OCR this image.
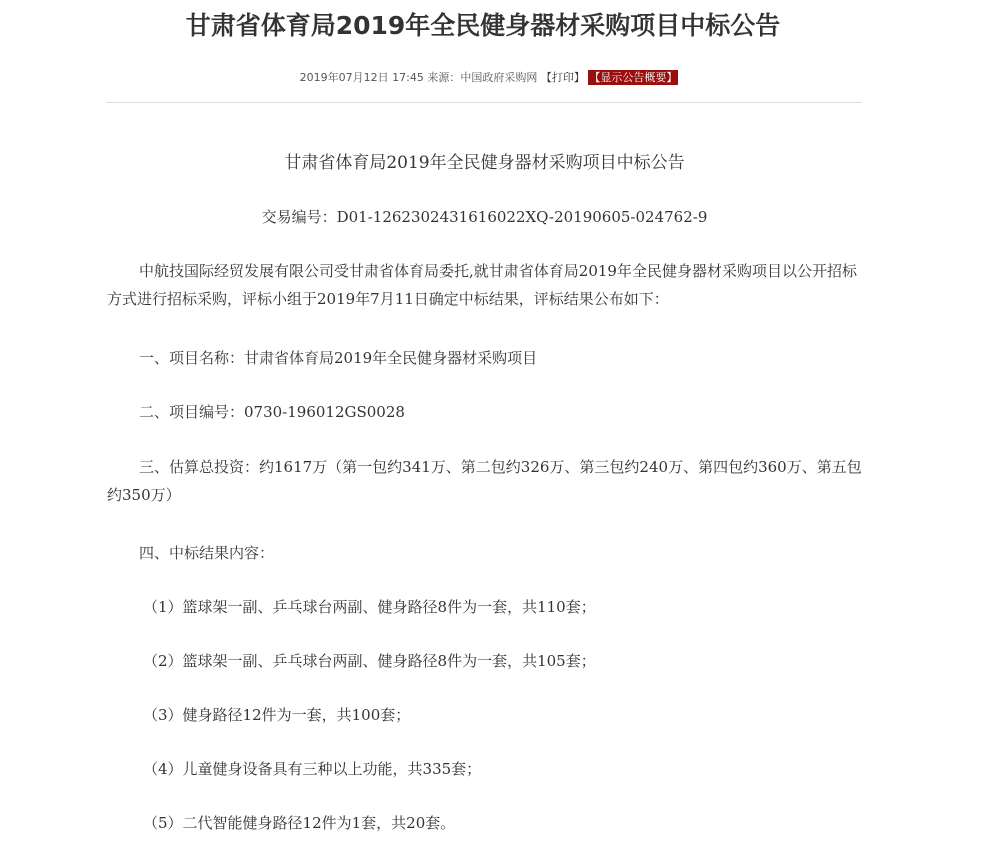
甘肃省体育局2019年全民健身器材采购项目中标公告
2019年07月12日 17:45 来源：中国政府采购网 【打印】 【显示公告概要】

甘肃省体育局2019年全民健身器材采购项目中标公告

交易编号：D01-1262302431616022XQ-20190605-024762-9

中航技国际经贸发展有限公司受甘肃省体育局委托,就甘肃省体育局2019年全民健身器材采购项目以公开招标方式进行招标采购，评标小组于2019年7月11日确定中标结果，评标结果公布如下：

一、项目名称：甘肃省体育局2019年全民健身器材采购项目

二、项目编号：0730-196012GS0028

三、估算总投资：约1617万（第一包约341万、第二包约326万、第三包约240万、第四包约360万、第五包约350万）

四、中标结果内容：

（1）篮球架一副、乒乓球台两副、健身路径8件为一套，共110套；

（2）篮球架一副、乒乓球台两副、健身路径8件为一套，共105套；

（3）健身路径12件为一套，共100套；

（4）儿童健身设备具有三种以上功能，共335套；

（5）二代智能健身路径12件为1套，共20套。
